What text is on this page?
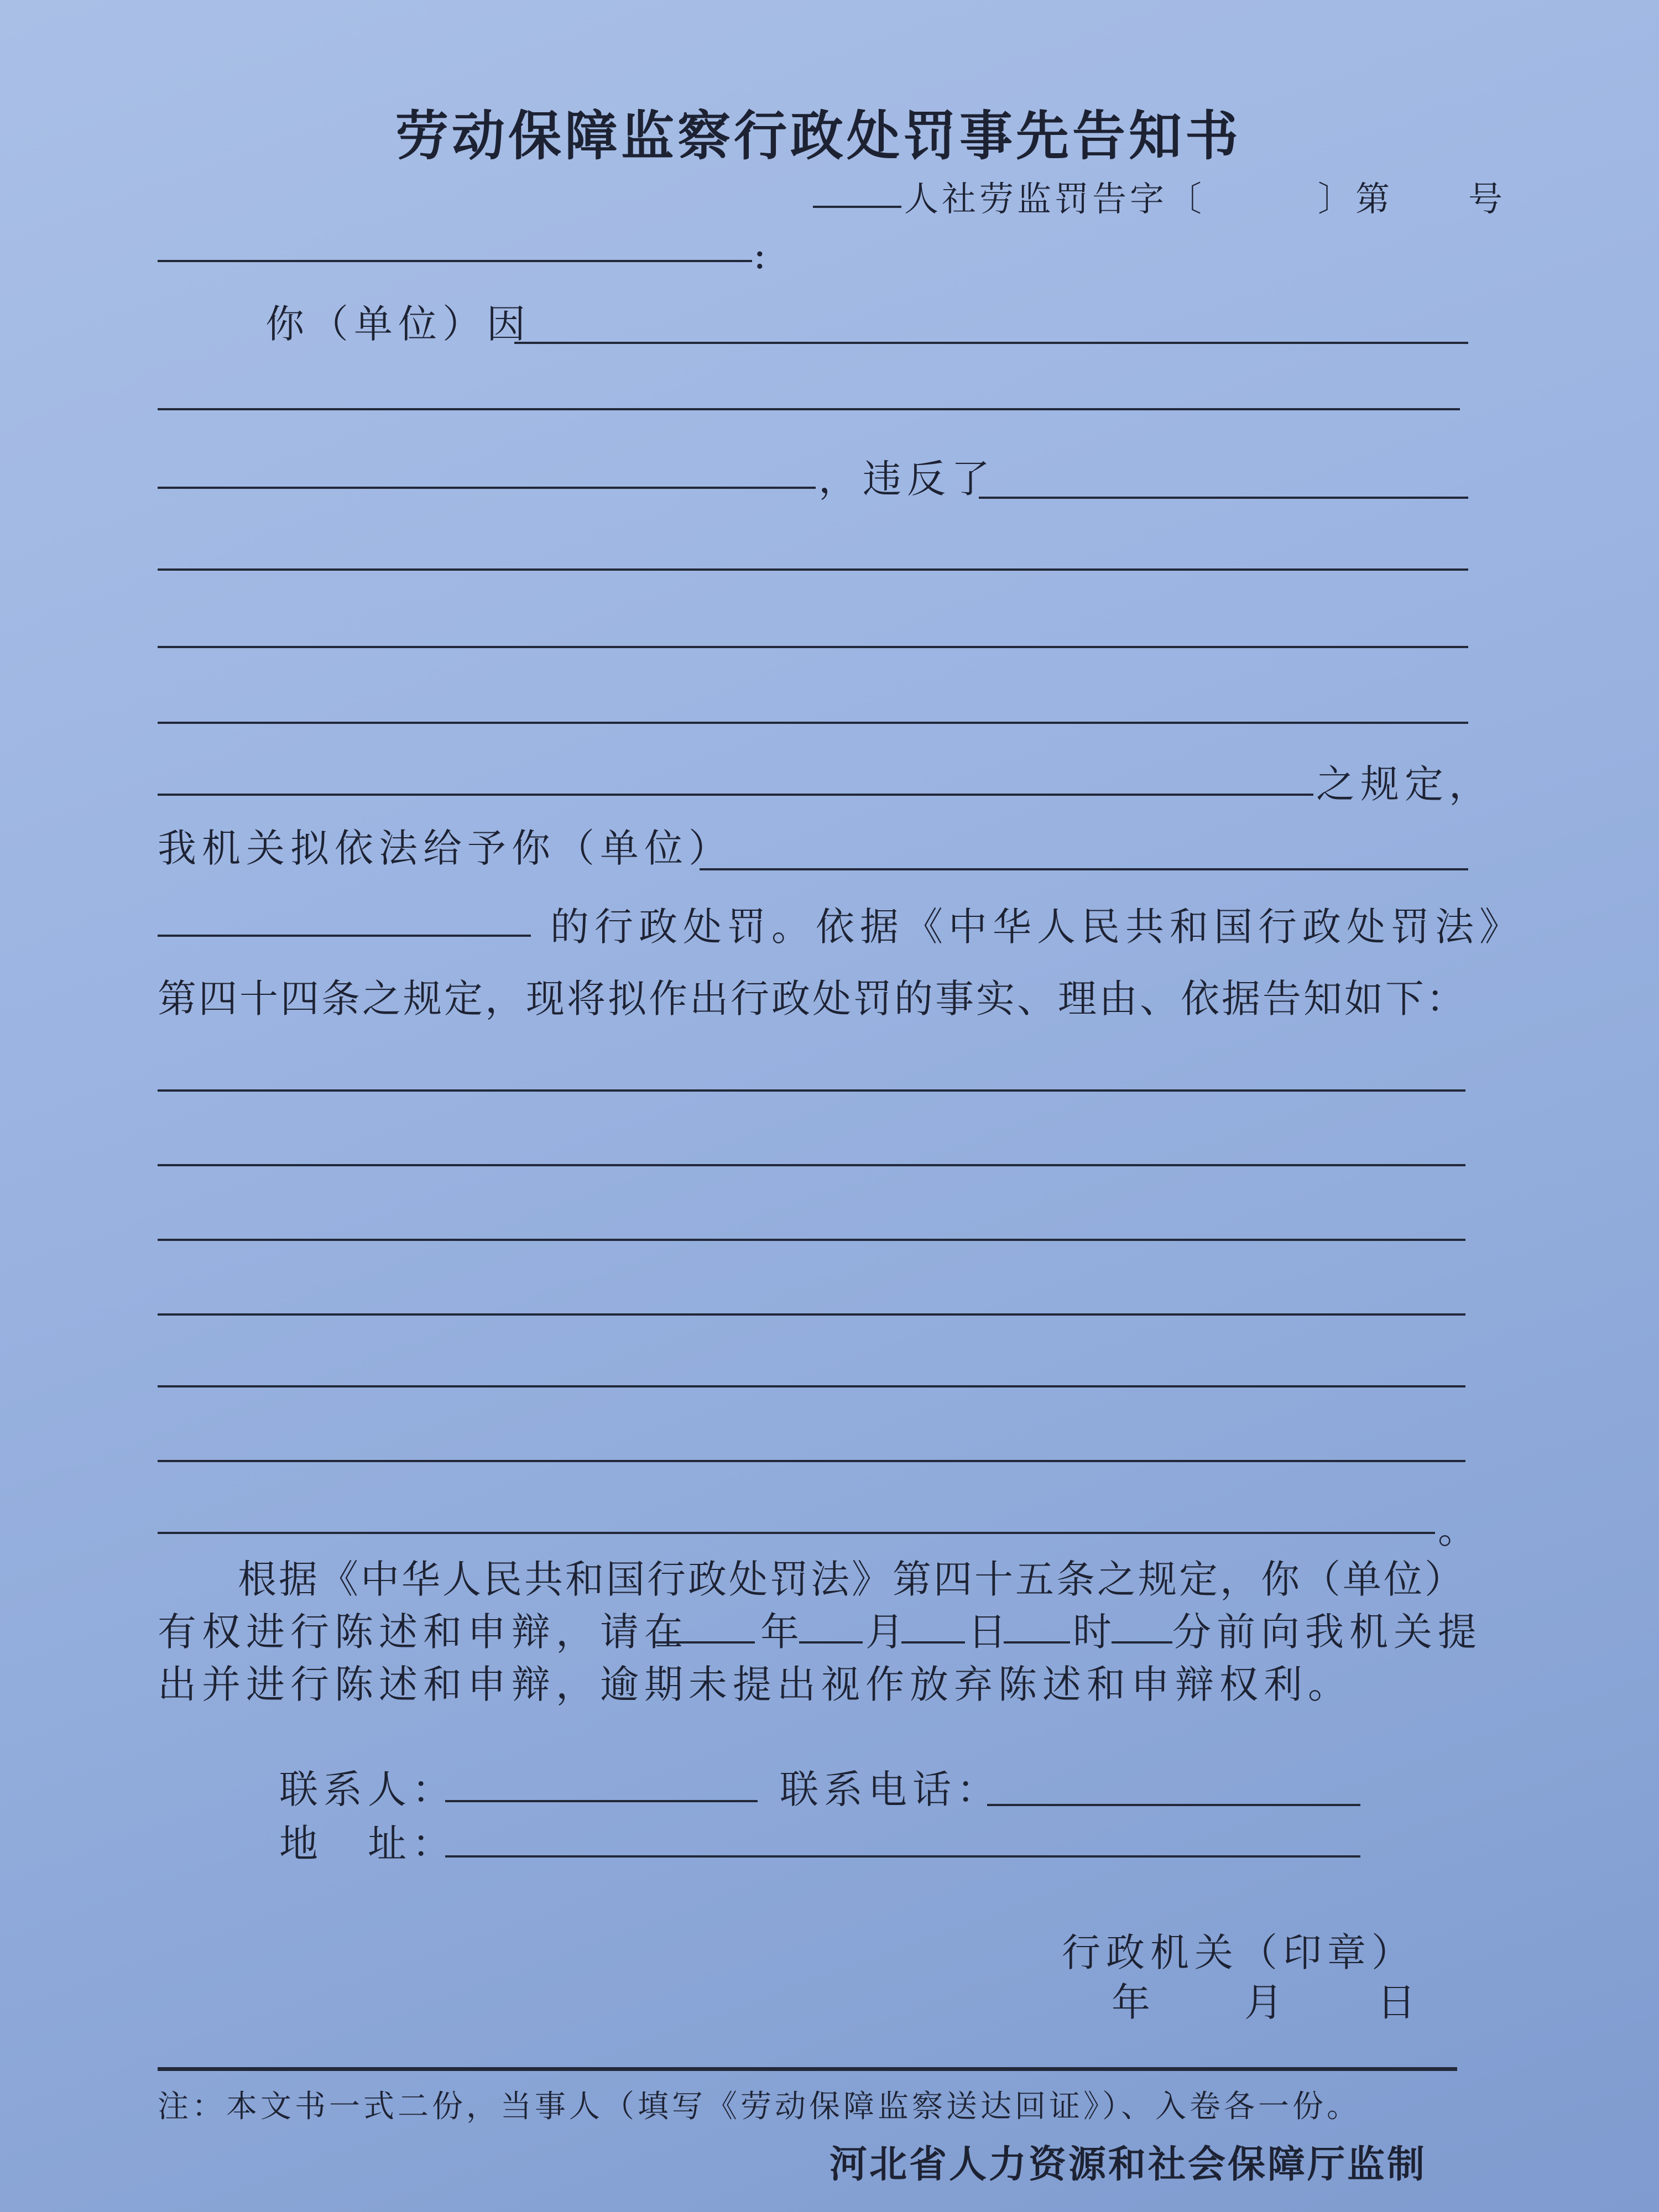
劳动保障监察行政处罚事先告知书
人社劳监罚告字〔　　　〕第　　号
:
你（单位）因
，违反了
之规定，
我机关拟依法给予你（单位）
的行政处罚。依据《中华人民共和国行政处罚法》
第四十四条之规定，现将拟作出行政处罚的事实、理由、依据告知如下：
。
根据《中华人民共和国行政处罚法》第四十五条之规定，你（单位）
有权进行陈述和申辩，请在 年 月 日 时 分前向我机关提
出并进行陈述和申辩，逾期未提出视作放弃陈述和申辩权利。
联系人：	联系电话：
地　址：
行政机关（印章）
年　　月　　日
注：本文书一式二份，当事人（填写《劳动保障监察送达回证》）、入卷各一份。
河北省人力资源和社会保障厅监制
